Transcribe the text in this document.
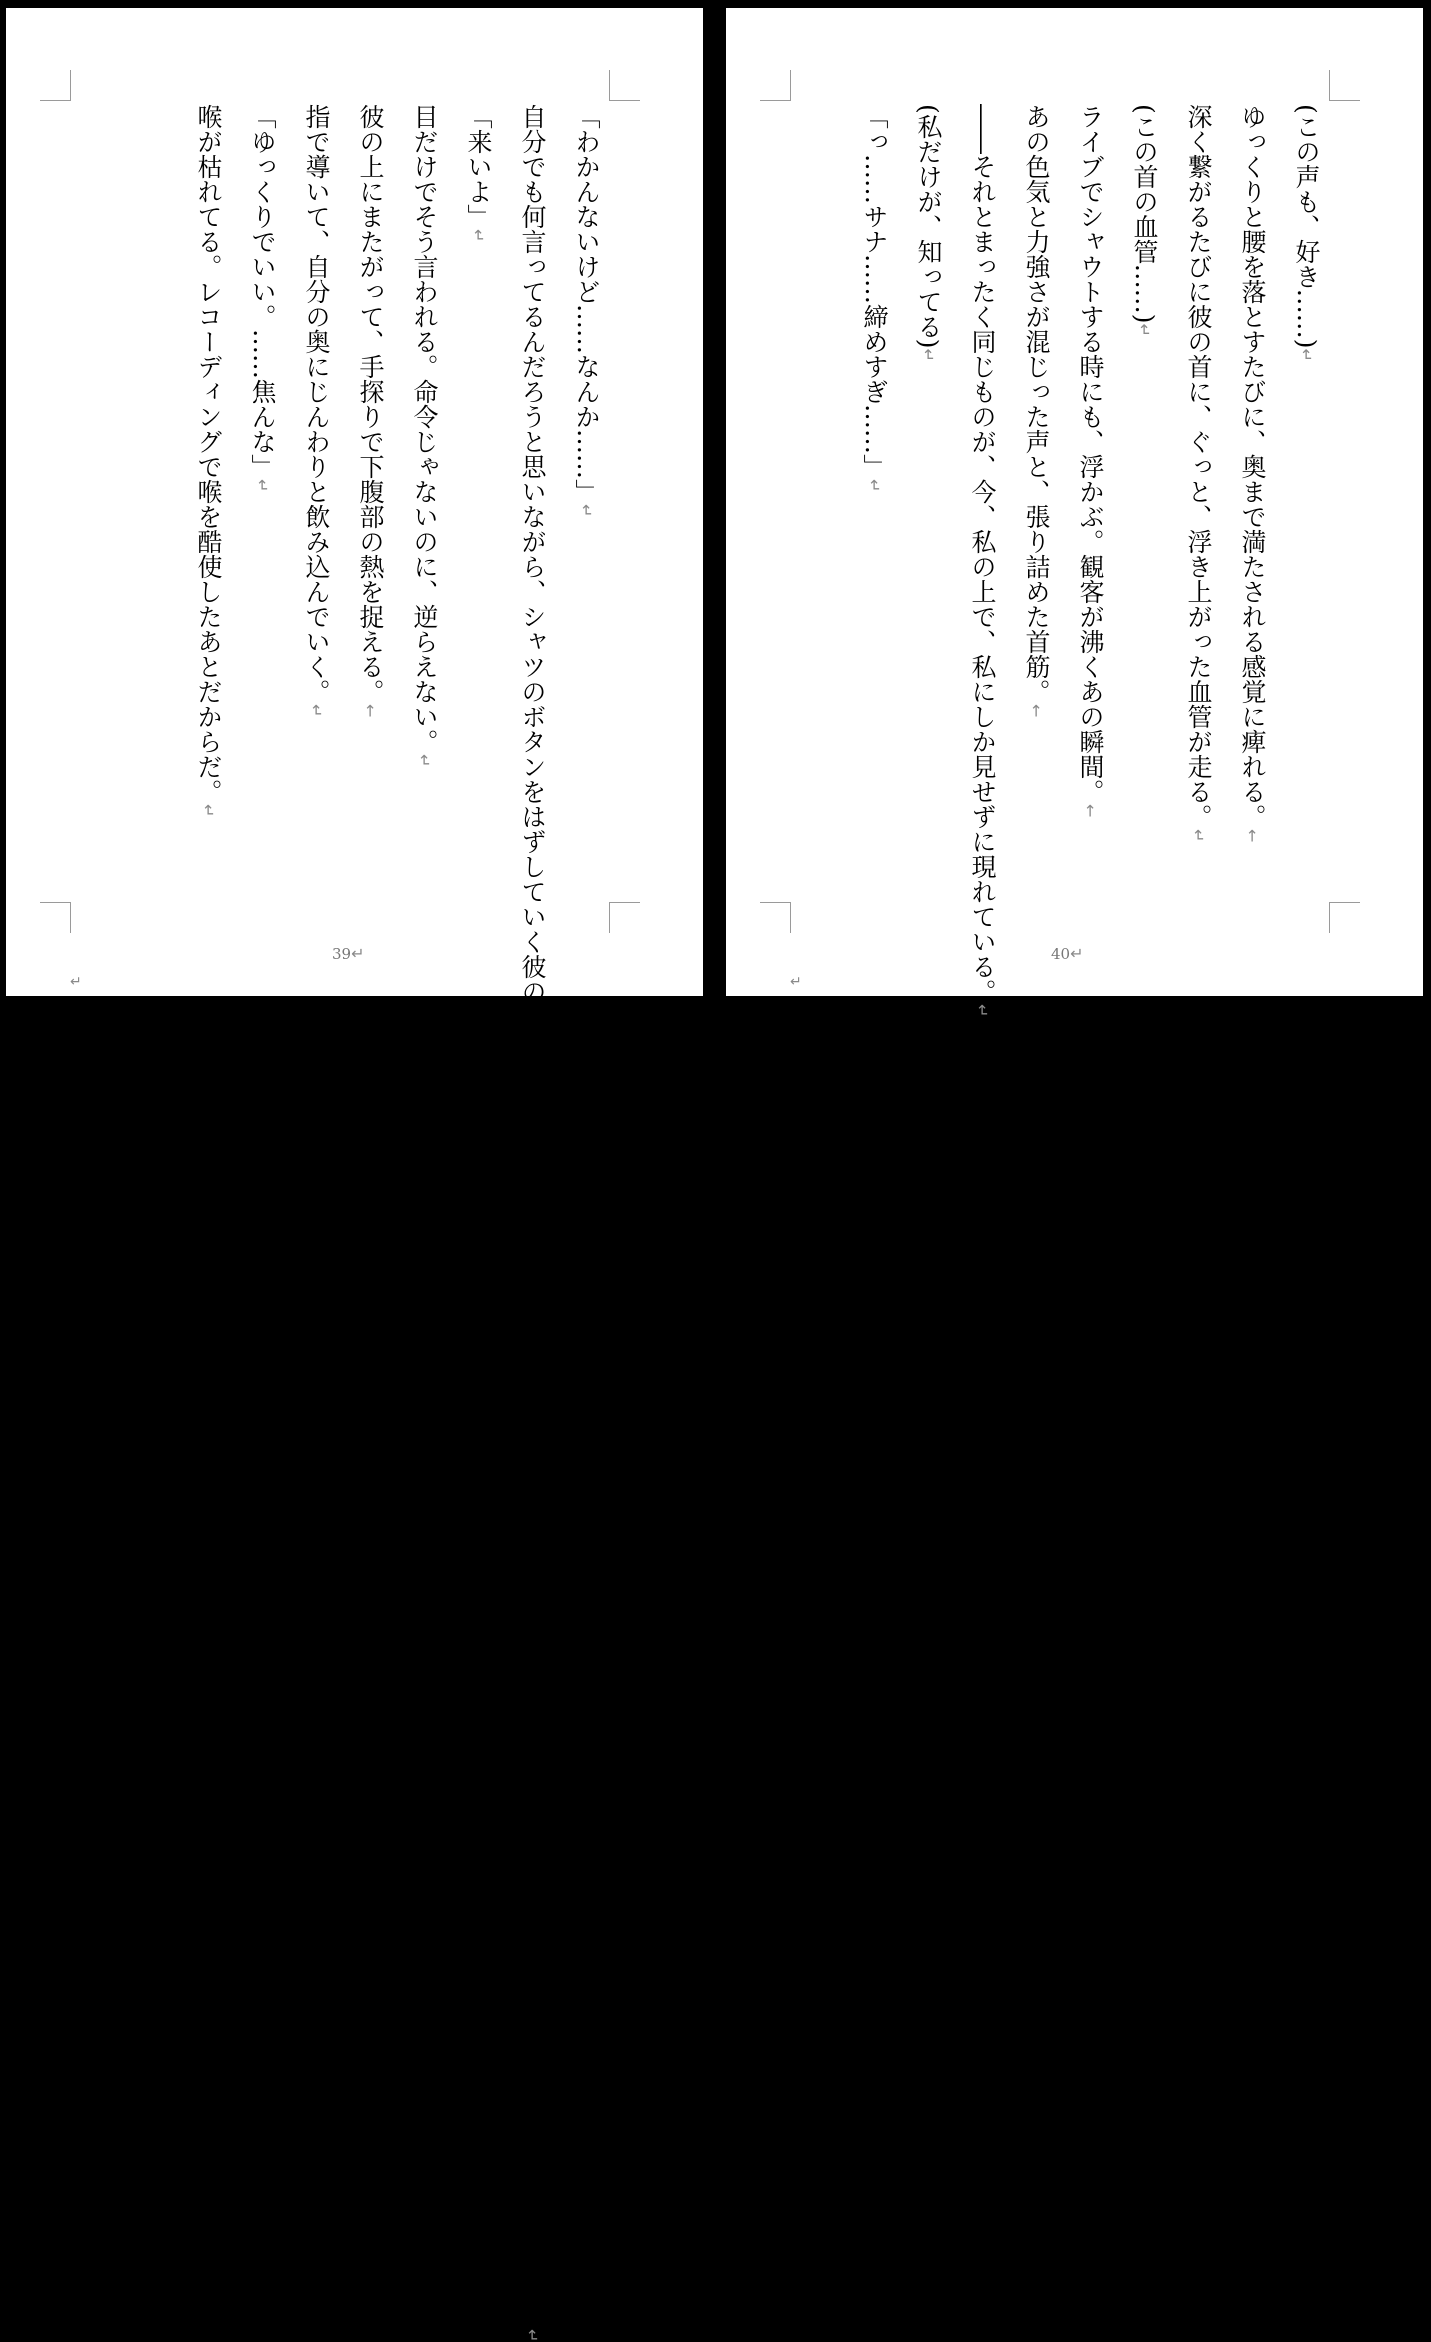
「わかんないけど……なんか……」↵

自分でも何言ってるんだろうと思いながら、シャツのボタンをはずしていく彼の手元に視線が釘付けになる。うっすら汗ばんだ肌。そこにベルトを外す金属音が響いて、空気がきゅっと張りつめる。↵

「来いよ」↵

目だけでそう言われる。命令じゃないのに、逆らえない。↵

彼の上にまたがって、手探りで下腹部の熱を捉える。←

指で導いて、自分の奥にじんわりと飲み込んでいく。↵

「ゆっくりでいい。……焦んな」↵

喉が枯れてる。レコーディングで喉を酷使したあとだからだ。↵

39↵
↵

(この声も、好き……)↵

ゆっくりと腰を落とすたびに、奥まで満たされる感覚に痺れる。←

深く繋がるたびに彼の首に、ぐっと、浮き上がった血管が走る。↵

(この首の血管……)↵

ライブでシャウトする時にも、浮かぶ。観客が沸くあの瞬間。←

あの色気と力強さが混じった声と、張り詰めた首筋。←

――それとまったく同じものが、今、私の上で、私にしか見せずに現れている。↵

(私だけが、知ってる)↵

「っ……サナ……締めすぎ……」↵

40↵
↵
